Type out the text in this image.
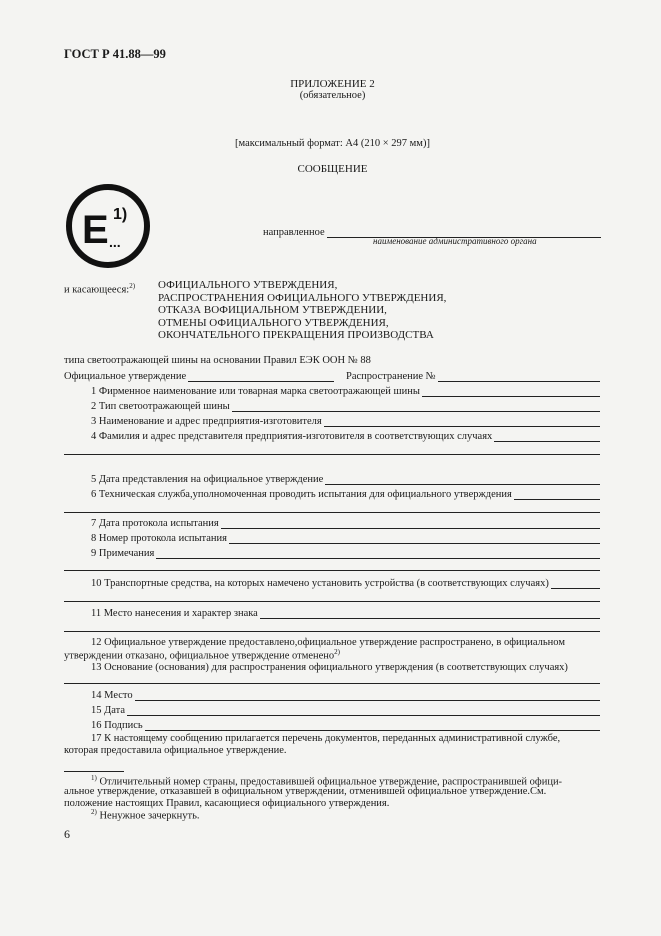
ГОСТ Р 41.88—99
ПРИЛОЖЕНИЕ 2
(обязательное)
[максимальный формат: А4 (210 × 297 мм)]
СООБЩЕНИЕ
E 1)
...
направленное
наименование административного органа
и касающееся:$^{2)}$ ОФИЦИАЛЬНОГО УТВЕРЖДЕНИЯ,
РАСПРОСТРАНЕНИЯ ОФИЦИАЛЬНОГО УТВЕРЖДЕНИЯ,
ОТКАЗА ВОФИЦИАЛЬНОМ УТВЕРЖДЕНИИ,
ОТМЕНЫ ОФИЦИАЛЬНОГО УТВЕРЖДЕНИЯ,
ОКОНЧАТЕЛЬНОГО ПРЕКРАЩЕНИЯ ПРОИЗВОДСТВА
типа светоотражающей шины на основании Правил ЕЭК ООН № 88
Официальное утверждение	Распространение №
1 Фирменное наименование или товарная марка светоотражающей шины
2 Тип светоотражающей шины
3 Наименование и адрес предприятия-изготовителя
4 Фамилия и адрес представителя предприятия-изготовителя в соответствующих случаях
5 Дата представления на официальное утверждение
6 Техническая служба,уполномоченная проводить испытания для официального утверждения
7 Дата протокола испытания
8 Номер протокола испытания
9 Примечания
10 Транспортные средства, на которых намечено установить устройства (в соответствующих случаях)
11 Место нанесения и характер знака
12 Официальное утверждение предоставлено,официальное утверждение распространено, в официальном
утверждении отказано, официальное утверждение отменено$^{2)}$
13 Основание (основания) для распространения официального утверждения (в соответствующих случаях)
14 Место
15 Дата
16 Подпись
17 К настоящему сообщению прилагается перечень документов, переданных административной службе,
которая предоставила официальное утверждение.
$^{1)}$ Отличительный номер страны, предоставившей официальное утверждение, распространившей офици-
альное утверждение, отказавшей в официальном утверждении, отменившей официальное утверждение.См.
положение настоящих Правил, касающиеся официального утверждения.
$^{2)}$ Ненужное зачеркнуть.
6
